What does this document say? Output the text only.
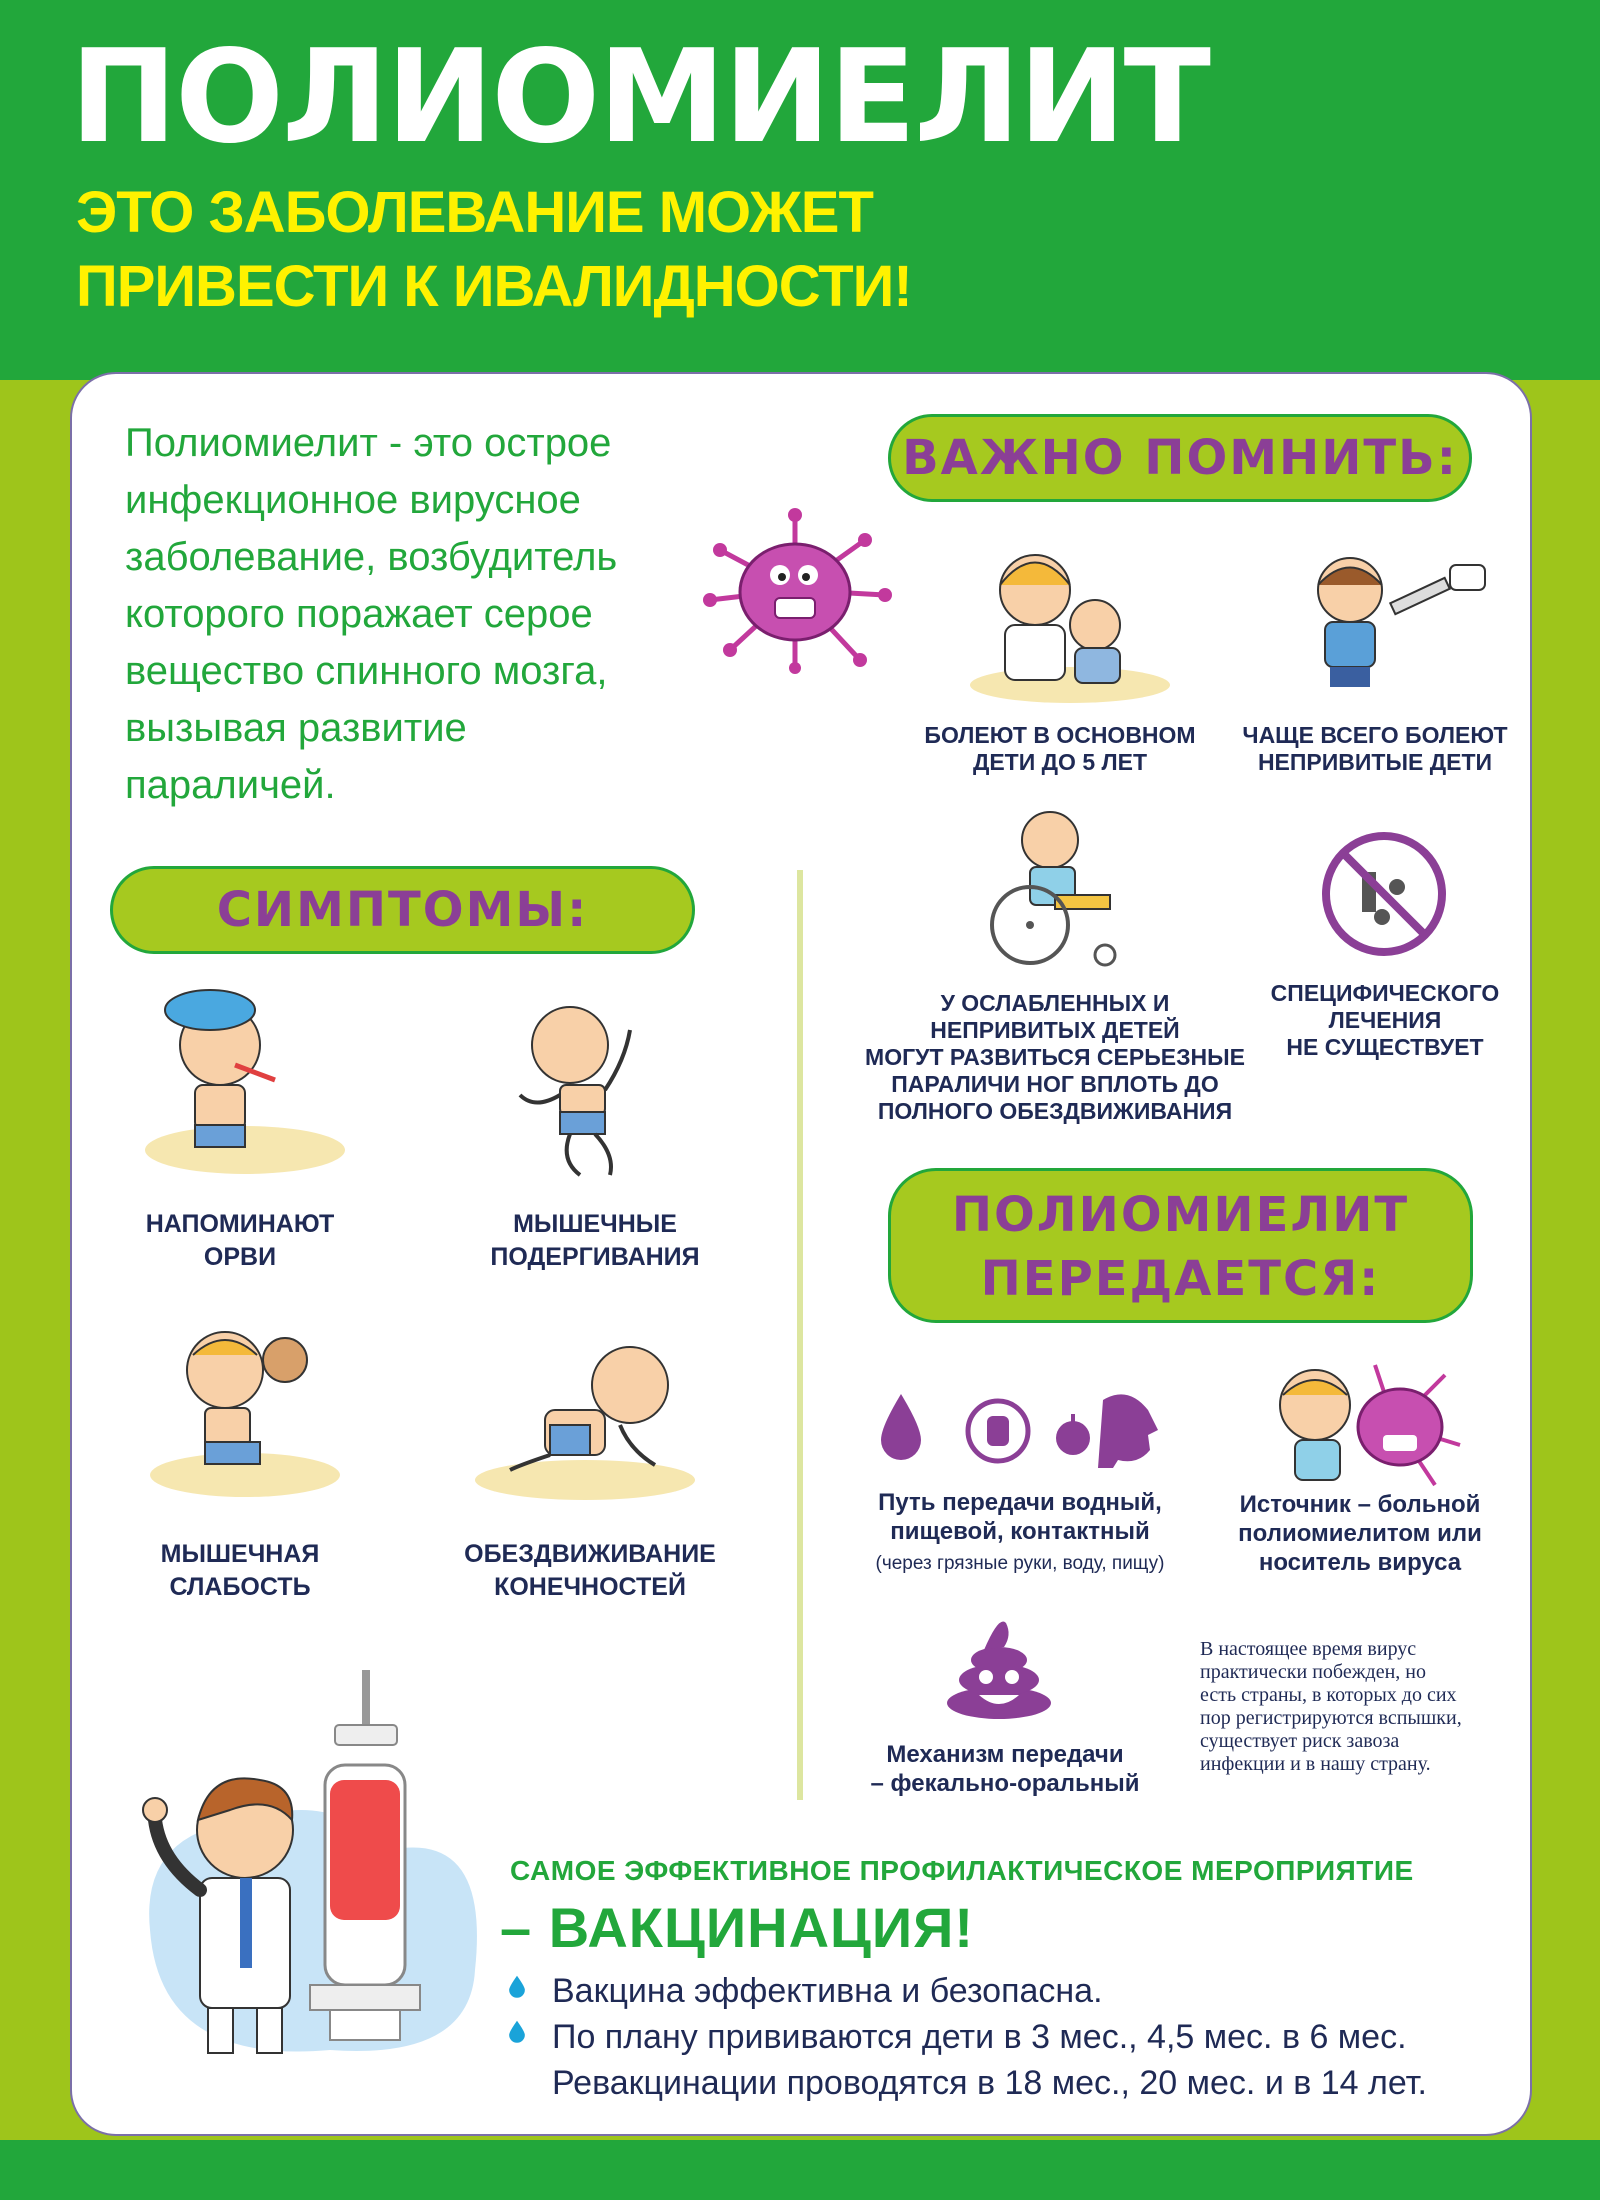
ПОЛИОМИЕЛИТ
ЭТО ЗАБОЛЕВАНИЕ МОЖЕТ
ПРИВЕСТИ К ИВАЛИДНОСТИ!
Полиомиелит - это острое
инфекционное вирусное
заболевание, возбудитель
которого поражает серое
вещество спинного мозга,
вызывая развитие
параличей.
ВАЖНО ПОМНИТЬ:
БОЛЕЮТ В ОСНОВНОМ
ДЕТИ ДО 5 ЛЕТ
ЧАЩЕ ВСЕГО БОЛЕЮТ
НЕПРИВИТЫЕ ДЕТИ
У ОСЛАБЛЕННЫХ И
НЕПРИВИТЫХ ДЕТЕЙ
МОГУТ РАЗВИТЬСЯ СЕРЬЕЗНЫЕ
ПАРАЛИЧИ НОГ ВПЛОТЬ ДО
ПОЛНОГО ОБЕЗДВИЖИВАНИЯ
СПЕЦИФИЧЕСКОГО
ЛЕЧЕНИЯ
НЕ СУЩЕСТВУЕТ
СИМПТОМЫ:
НАПОМИНАЮТ
ОРВИ
МЫШЕЧНЫЕ
ПОДЕРГИВАНИЯ
МЫШЕЧНАЯ
СЛАБОСТЬ
ОБЕЗДВИЖИВАНИЕ
КОНЕЧНОСТЕЙ
ПОЛИОМИЕЛИТ
ПЕРЕДАЕТСЯ:
Путь передачи водный,
пищевой, контактный
(через грязные руки, воду, пищу)
Источник – больной
полиомиелитом или
носитель вируса
Механизм передачи
– фекально-оральный
В настоящее время вирус
практически побежден, но
есть страны, в которых до сих
пор регистрируются вспышки,
существует риск завоза
инфекции и в нашу страну.
САМОЕ ЭФФЕКТИВНОЕ ПРОФИЛАКТИЧЕСКОЕ МЕРОПРИЯТИЕ
– ВАКЦИНАЦИЯ!
Вакцина эффективна и безопасна.
По плану прививаются дети в 3 мес., 4,5 мес. в 6 мес.
Ревакцинации проводятся в 18 мес., 20 мес. и в 14 лет.
